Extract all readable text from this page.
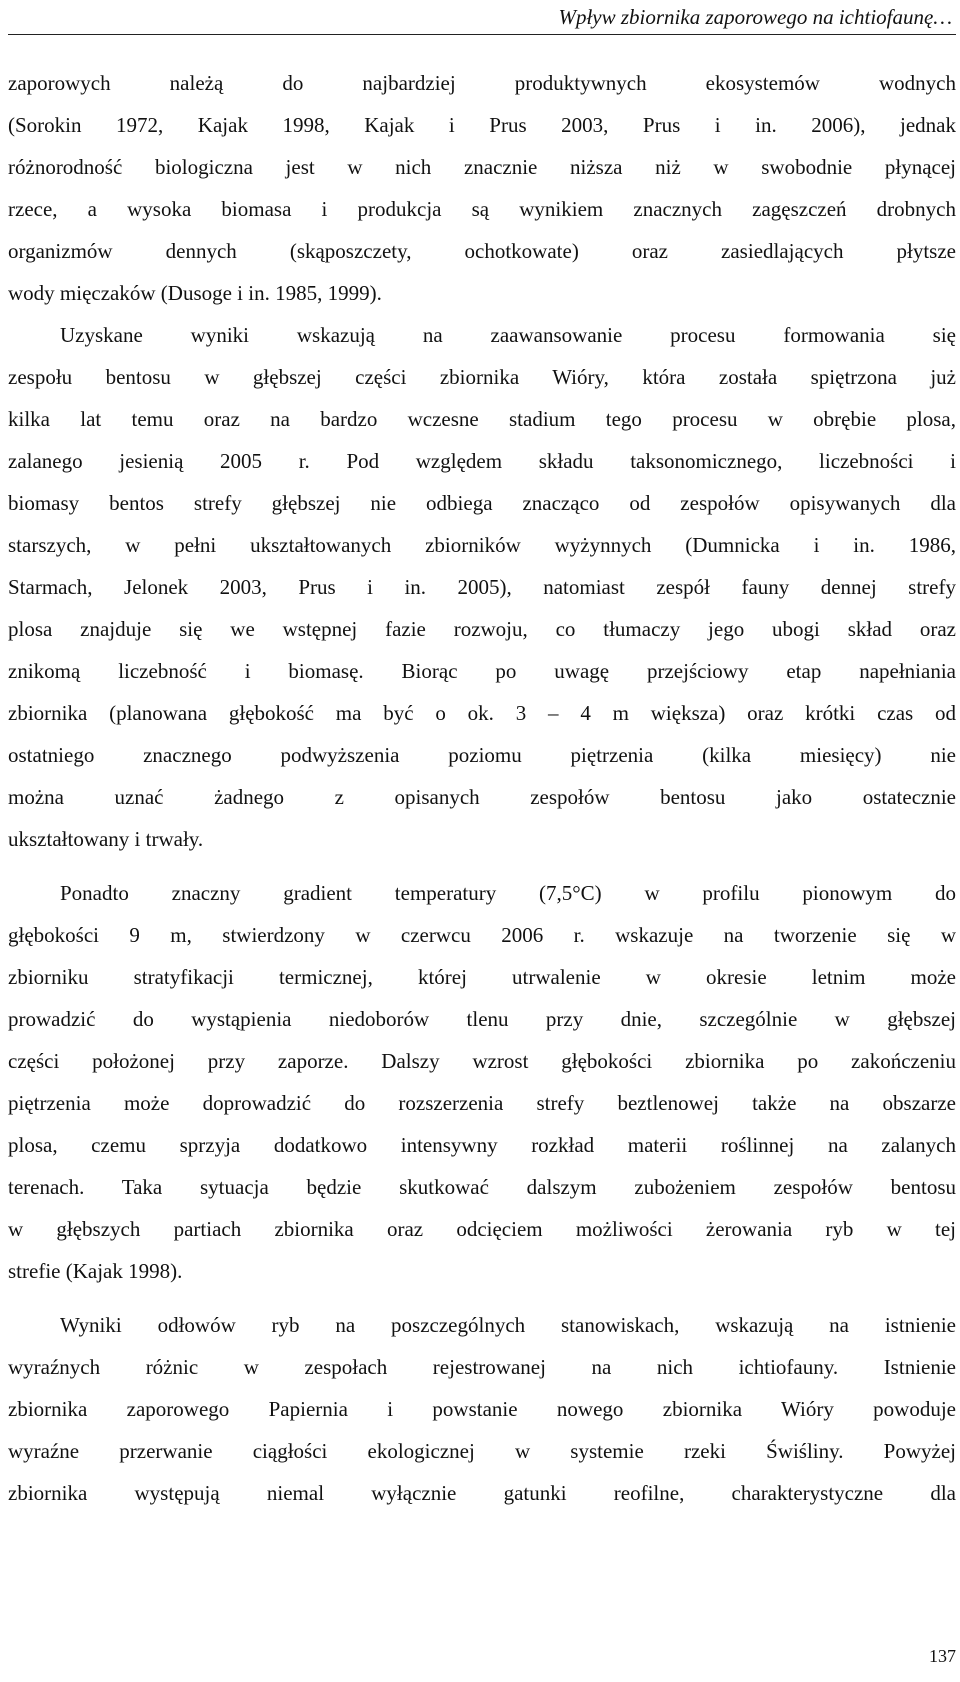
Wpływ zbiornika zaporowego na ichtiofaunę…
zaporowych należą do najbardziej produktywnych ekosystemów wodnych
(Sorokin 1972, Kajak 1998, Kajak i Prus 2003, Prus i in. 2006), jednak
różnorodność biologiczna jest w nich znacznie niższa niż w swobodnie płynącej
rzece, a wysoka biomasa i produkcja są wynikiem znacznych zagęszczeń drobnych
organizmów dennych (skąposzczety, ochotkowate) oraz zasiedlających płytsze
wody mięczaków (Dusoge i in. 1985, 1999).
Uzyskane wyniki wskazują na zaawansowanie procesu formowania się
zespołu bentosu w głębszej części zbiornika Wióry, która została spiętrzona już
kilka lat temu oraz na bardzo wczesne stadium tego procesu w obrębie plosa,
zalanego jesienią 2005 r. Pod względem składu taksonomicznego, liczebności i
biomasy bentos strefy głębszej nie odbiega znacząco od zespołów opisywanych dla
starszych, w pełni ukształtowanych zbiorników wyżynnych (Dumnicka i in. 1986,
Starmach, Jelonek 2003, Prus i in. 2005), natomiast zespół fauny dennej strefy
plosa znajduje się we wstępnej fazie rozwoju, co tłumaczy jego ubogi skład oraz
znikomą liczebność i biomasę. Biorąc po uwagę przejściowy etap napełniania
zbiornika (planowana głębokość ma być o ok. 3 – 4 m większa) oraz krótki czas od
ostatniego znacznego podwyższenia poziomu piętrzenia (kilka miesięcy) nie
można uznać żadnego z opisanych zespołów bentosu jako ostatecznie
ukształtowany i trwały.
Ponadto znaczny gradient temperatury (7,5°C) w profilu pionowym do
głębokości 9 m, stwierdzony w czerwcu 2006 r. wskazuje na tworzenie się w
zbiorniku stratyfikacji termicznej, której utrwalenie w okresie letnim może
prowadzić do wystąpienia niedoborów tlenu przy dnie, szczególnie w głębszej
części położonej przy zaporze. Dalszy wzrost głębokości zbiornika po zakończeniu
piętrzenia może doprowadzić do rozszerzenia strefy beztlenowej także na obszarze
plosa, czemu sprzyja dodatkowo intensywny rozkład materii roślinnej na zalanych
terenach. Taka sytuacja będzie skutkować dalszym zubożeniem zespołów bentosu
w głębszych partiach zbiornika oraz odcięciem możliwości żerowania ryb w tej
strefie (Kajak 1998).
Wyniki odłowów ryb na poszczególnych stanowiskach, wskazują na istnienie
wyraźnych różnic w zespołach rejestrowanej na nich ichtiofauny. Istnienie
zbiornika zaporowego Papiernia i powstanie nowego zbiornika Wióry powoduje
wyraźne przerwanie ciągłości ekologicznej w systemie rzeki Świśliny. Powyżej
zbiornika występują niemal wyłącznie gatunki reofilne, charakterystyczne dla
137
